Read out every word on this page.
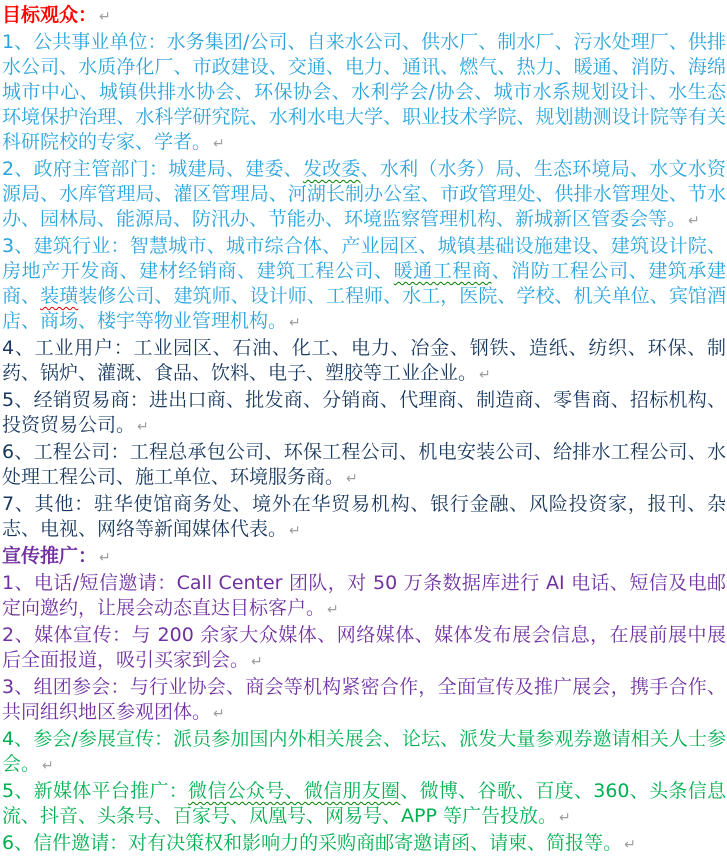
目标观众： ↵

1、公共事业单位：水务集团/公司、自来水公司、供水厂、制水厂、污水处理厂、供排水公司、水质净化厂、市政建设、交通、电力、通讯、燃气、热力、暖通、消防、海绵城市中心、城镇供排水协会、环保协会、水利学会/协会、城市水系规划设计、水生态环境保护治理、水科学研究院、水利水电大学、职业技术学院、规划勘测设计院等有关科研院校的专家、学者。 ↵

2、政府主管部门：城建局、建委、发改委、水利（水务）局、生态环境局、水文水资源局、水库管理局、灌区管理局、河湖长制办公室、市政管理处、供排水管理处、节水办、园林局、能源局、防汛办、节能办、环境监察管理机构、新城新区管委会等。 ↵

3、建筑行业：智慧城市、城市综合体、产业园区、城镇基础设施建设、建筑设计院、房地产开发商、建材经销商、建筑工程公司、暖通工程商、消防工程公司、建筑承建商、装璜装修公司、建筑师、设计师、工程师、水工，医院、学校、机关单位、宾馆酒店、商场、楼宇等物业管理机构。 ↵

4、工业用户：工业园区、石油、化工、电力、冶金、钢铁、造纸、纺织、环保、制药、锅炉、灌溉、食品、饮料、电子、塑胶等工业企业。 ↵

5、经销贸易商：进出口商、批发商、分销商、代理商、制造商、零售商、招标机构、投资贸易公司。 ↵

6、工程公司：工程总承包公司、环保工程公司、机电安装公司、给排水工程公司、水处理工程公司、施工单位、环境服务商。 ↵

7、其他：驻华使馆商务处、境外在华贸易机构、银行金融、风险投资家，报刊、杂志、电视、网络等新闻媒体代表。 ↵

宣传推广： ↵

1、电话/短信邀请：Call Center 团队，对 50 万条数据库进行 AI 电话、短信及电邮定向邀约，让展会动态直达目标客户。 ↵

2、媒体宣传：与 200 余家大众媒体、网络媒体、媒体发布展会信息，在展前展中展后全面报道，吸引买家到会。 ↵

3、组团参会：与行业协会、商会等机构紧密合作，全面宣传及推广展会，携手合作、共同组织地区参观团体。 ↵

4、参会/参展宣传：派员参加国内外相关展会、论坛、派发大量参观券邀请相关人士参会。 ↵

5、新媒体平台推广：微信公众号、微信朋友圈、微博、谷歌、百度、360、头条信息流、抖音、头条号、百家号、凤凰号、网易号、APP 等广告投放。 ↵

6、信件邀请：对有决策权和影响力的采购商邮寄邀请函、请柬、简报等。 ↵
